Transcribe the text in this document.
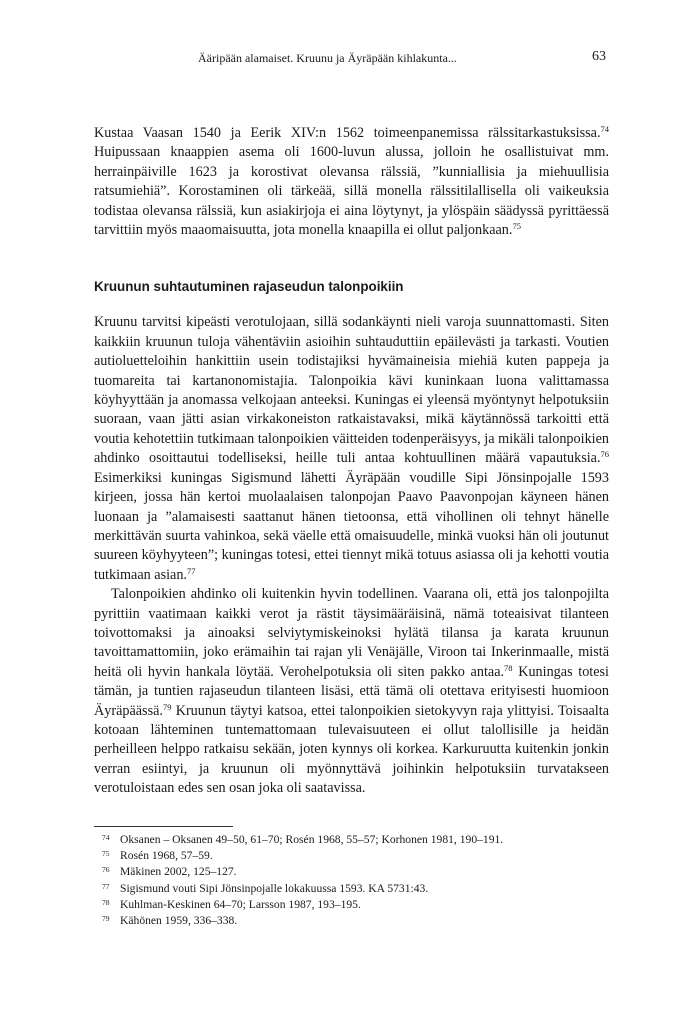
Ääripään alamaiset. Kruunu ja Äyräpään kihlakunta...	63

Kustaa Vaasan 1540 ja Eerik XIV:n 1562 toimeenpanemissa rälssitarkastuksissa.$^{74}$ Huipussaan knaappien asema oli 1600-luvun alussa, jolloin he osallistuivat mm. herrainpäiville 1623 ja korostivat olevansa rälssiä, ”kunniallisia ja miehuullisia ratsumiehiä”. Korostaminen oli tärkeää, sillä monella rälssitilallisella oli vaikeuksia todistaa olevansa rälssiä, kun asiakirjoja ei aina löytynyt, ja ylöspäin säädyssä pyrittäessä tarvittiin myös maaomaisuutta, jota monella knaapilla ei ollut paljonkaan.$^{75}$

Kruunun suhtautuminen rajaseudun talonpoikiin

Kruunu tarvitsi kipeästi verotulojaan, sillä sodankäynti nieli varoja suunnattomasti. Siten kaikkiin kruunun tuloja vähentäviin asioihin suhtauduttiin epäilevästi ja tarkasti. Voutien autioluetteloihin hankittiin usein todistajiksi hyvämaineisia miehiä kuten pappeja ja tuomareita tai kartanonomistajia. Talonpoikia kävi kuninkaan luona valittamassa köyhyyttään ja anomassa velkojaan anteeksi. Kuningas ei yleensä myöntynyt helpotuksiin suoraan, vaan jätti asian virkakoneiston ratkaistavaksi, mikä käytännössä tarkoitti että voutia kehotettiin tutkimaan talonpoikien väitteiden todenperäisyys, ja mikäli talonpoikien ahdinko osoittautui todelliseksi, heille tuli antaa kohtuullinen määrä vapautuksia.$^{76}$ Esimerkiksi kuningas Sigismund lähetti Äyräpään voudille Sipi Jönsinpojalle 1593 kirjeen, jossa hän kertoi muolaalaisen talonpojan Paavo Paavonpojan käyneen hänen luonaan ja ”alamaisesti saattanut hänen tietoonsa, että vihollinen oli tehnyt hänelle merkittävän suurta vahinkoa, sekä väelle että omaisuudelle, minkä vuoksi hän oli joutunut suureen köyhyyteen”; kuningas totesi, ettei tiennyt mikä totuus asiassa oli ja kehotti voutia tutkimaan asian.$^{77}$

Talonpoikien ahdinko oli kuitenkin hyvin todellinen. Vaarana oli, että jos talonpojilta pyrittiin vaatimaan kaikki verot ja rästit täysimääräisinä, nämä toteaisivat tilanteen toivottomaksi ja ainoaksi selviytymiskeinoksi hylätä tilansa ja karata kruunun tavoittamattomiin, joko erämaihin tai rajan yli Venäjälle, Viroon tai Inkerinmaalle, mistä heitä oli hyvin hankala löytää. Verohelpotuksia oli siten pakko antaa.$^{78}$ Kuningas totesi tämän, ja tuntien rajaseudun tilanteen lisäsi, että tämä oli otettava erityisesti huomioon Äyräpäässä.$^{79}$ Kruunun täytyi katsoa, ettei talonpoikien sietokyvyn raja ylittyisi. Toisaalta kotoaan lähteminen tuntemattomaan tulevaisuuteen ei ollut talollisille ja heidän perheilleen helppo ratkaisu sekään, joten kynnys oli korkea. Karkuruutta kuitenkin jonkin verran esiintyi, ja kruunun oli myönnyttävä joihinkin helpotuksiin turvatakseen verotuloistaan edes sen osan joka oli saatavissa.

74 Oksanen – Oksanen 49–50, 61–70; Rosén 1968, 55–57; Korhonen 1981, 190–191.
75 Rosén 1968, 57–59.
76 Mäkinen 2002, 125–127.
77 Sigismund vouti Sipi Jönsinpojalle lokakuussa 1593. KA 5731:43.
78 Kuhlman-Keskinen 64–70; Larsson 1987, 193–195.
79 Kähönen 1959, 336–338.
